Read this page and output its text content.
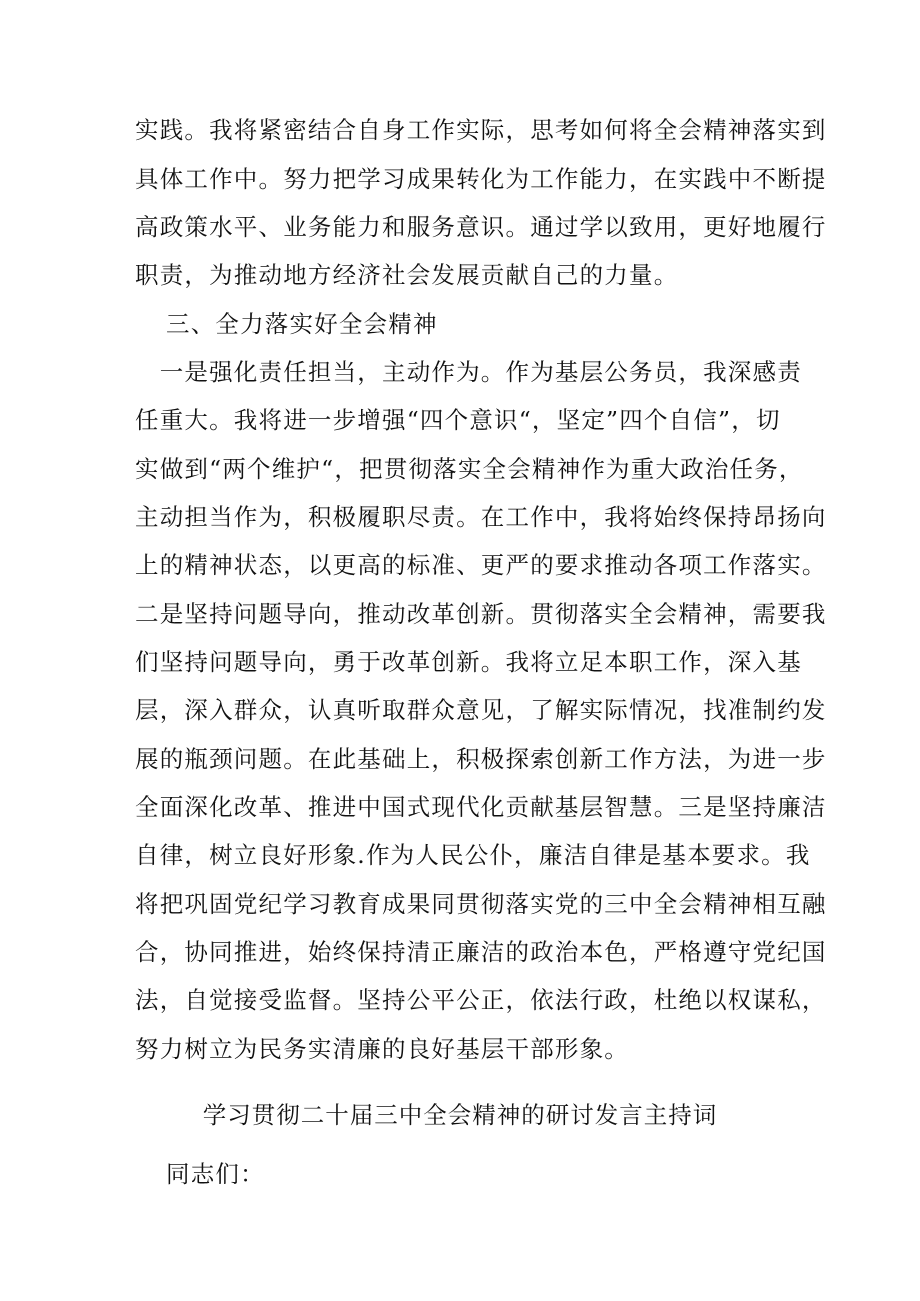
实践。我将紧密结合自身工作实际，思考如何将全会精神落实到
具体工作中。努力把学习成果转化为工作能力，在实践中不断提
高政策水平、业务能力和服务意识。通过学以致用，更好地履行
职责，为推动地方经济社会发展贡献自己的力量。
三、全力落实好全会精神
　一是强化责任担当，主动作为。作为基层公务员，我深感责
任重大。我将进一步增强“四个意识“，坚定”四个自信”，切
实做到“两个维护“，把贯彻落实全会精神作为重大政治任务，
主动担当作为，积极履职尽责。在工作中，我将始终保持昂扬向
上的精神状态，以更高的标准、更严的要求推动各项工作落实。
二是坚持问题导向，推动改革创新。贯彻落实全会精神，需要我
们坚持问题导向，勇于改革创新。我将立足本职工作，深入基
层，深入群众，认真听取群众意见，了解实际情况，找准制约发
展的瓶颈问题。在此基础上，积极探索创新工作方法，为进一步
全面深化改革、推进中国式现代化贡献基层智慧。三是坚持廉洁
自律，树立良好形象.作为人民公仆，廉洁自律是基本要求。我
将把巩固党纪学习教育成果同贯彻落实党的三中全会精神相互融
合，协同推进，始终保持清正廉洁的政治本色，严格遵守党纪国
法，自觉接受监督。坚持公平公正，依法行政，杜绝以权谋私，
努力树立为民务实清廉的良好基层干部形象。
学习贯彻二十届三中全会精神的研讨发言主持词
同志们：
